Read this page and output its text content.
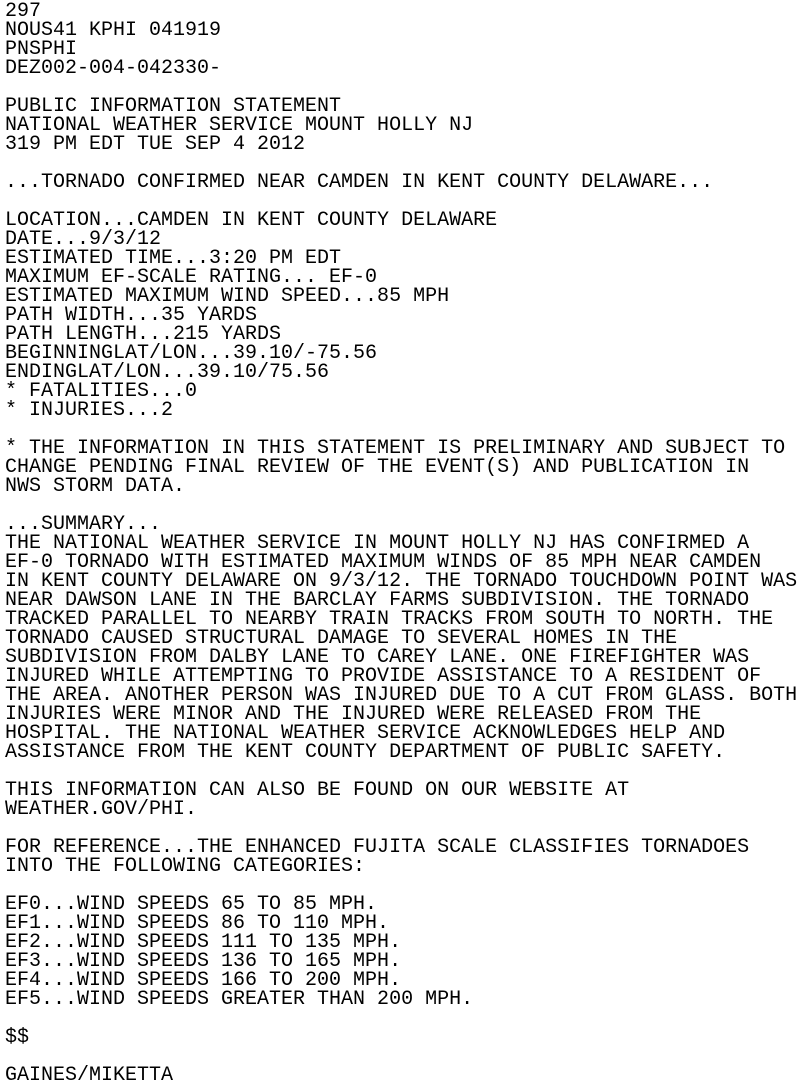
297
NOUS41 KPHI 041919
PNSPHI
DEZ002-004-042330-
PUBLIC INFORMATION STATEMENT
NATIONAL WEATHER SERVICE MOUNT HOLLY NJ
319 PM EDT TUE SEP 4 2012
...TORNADO CONFIRMED NEAR CAMDEN IN KENT COUNTY DELAWARE...
LOCATION...CAMDEN IN KENT COUNTY DELAWARE
DATE...9/3/12
ESTIMATED TIME...3:20 PM EDT
MAXIMUM EF-SCALE RATING... EF-0
ESTIMATED MAXIMUM WIND SPEED...85 MPH
PATH WIDTH...35 YARDS
PATH LENGTH...215 YARDS
BEGINNINGLAT/LON...39.10/-75.56
ENDINGLAT/LON...39.10/75.56
* FATALITIES...0
* INJURIES...2
* THE INFORMATION IN THIS STATEMENT IS PRELIMINARY AND SUBJECT TO
CHANGE PENDING FINAL REVIEW OF THE EVENT(S) AND PUBLICATION IN
NWS STORM DATA.
...SUMMARY...
THE NATIONAL WEATHER SERVICE IN MOUNT HOLLY NJ HAS CONFIRMED A
EF-0 TORNADO WITH ESTIMATED MAXIMUM WINDS OF 85 MPH NEAR CAMDEN
IN KENT COUNTY DELAWARE ON 9/3/12. THE TORNADO TOUCHDOWN POINT WAS
NEAR DAWSON LANE IN THE BARCLAY FARMS SUBDIVISION. THE TORNADO
TRACKED PARALLEL TO NEARBY TRAIN TRACKS FROM SOUTH TO NORTH. THE
TORNADO CAUSED STRUCTURAL DAMAGE TO SEVERAL HOMES IN THE
SUBDIVISION FROM DALBY LANE TO CAREY LANE. ONE FIREFIGHTER WAS
INJURED WHILE ATTEMPTING TO PROVIDE ASSISTANCE TO A RESIDENT OF
THE AREA. ANOTHER PERSON WAS INJURED DUE TO A CUT FROM GLASS. BOTH
INJURIES WERE MINOR AND THE INJURED WERE RELEASED FROM THE
HOSPITAL. THE NATIONAL WEATHER SERVICE ACKNOWLEDGES HELP AND
ASSISTANCE FROM THE KENT COUNTY DEPARTMENT OF PUBLIC SAFETY.
THIS INFORMATION CAN ALSO BE FOUND ON OUR WEBSITE AT
WEATHER.GOV/PHI.
FOR REFERENCE...THE ENHANCED FUJITA SCALE CLASSIFIES TORNADOES
INTO THE FOLLOWING CATEGORIES:
EF0...WIND SPEEDS 65 TO 85 MPH.
EF1...WIND SPEEDS 86 TO 110 MPH.
EF2...WIND SPEEDS 111 TO 135 MPH.
EF3...WIND SPEEDS 136 TO 165 MPH.
EF4...WIND SPEEDS 166 TO 200 MPH.
EF5...WIND SPEEDS GREATER THAN 200 MPH.
$$
GAINES/MIKETTA
